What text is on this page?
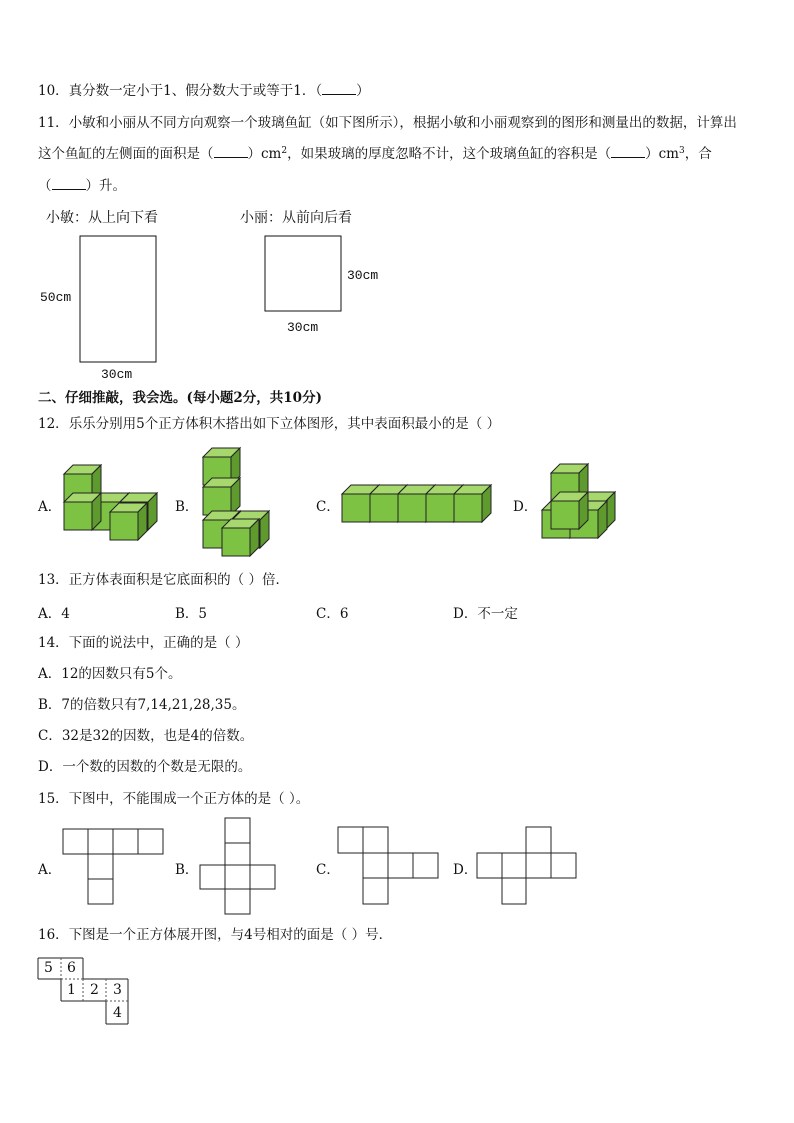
10．真分数一定小于1、假分数大于或等于1．（	）
11．小敏和小丽从不同方向观察一个玻璃鱼缸（如下图所示），根据小敏和小丽观察到的图形和测量出的数据，计算出
这个鱼缸的左侧面的面积是（	）$cm^2$，如果玻璃的厚度忽略不计，这个玻璃鱼缸的容积是（	）$cm^3$，合
（	）升。
小敏：从上向下看	小丽：从前向后看
50cm
30cm
30cm
30cm
二、仔细推敲，我会选。(每小题2分，共10分)
12．乐乐分别用5个正方体积木搭出如下立体图形，其中表面积最小的是（ ）
A．	B．	C．	D．
13．正方体表面积是它底面积的（ ）倍．
A．4	B．5	C．6	D．不一定
14．下面的说法中，正确的是（ ）
A．12的因数只有5个。
B．7的倍数只有7,14,21,28,35。
C．32是32的因数，也是4的倍数。
D．一个数的因数的个数是无限的。
15．下图中，不能围成一个正方体的是（ ）。
A．	B．	C．	D．
16．下图是一个正方体展开图，与4号相对的面是（ ）号．
5 6
1 2 3
4
